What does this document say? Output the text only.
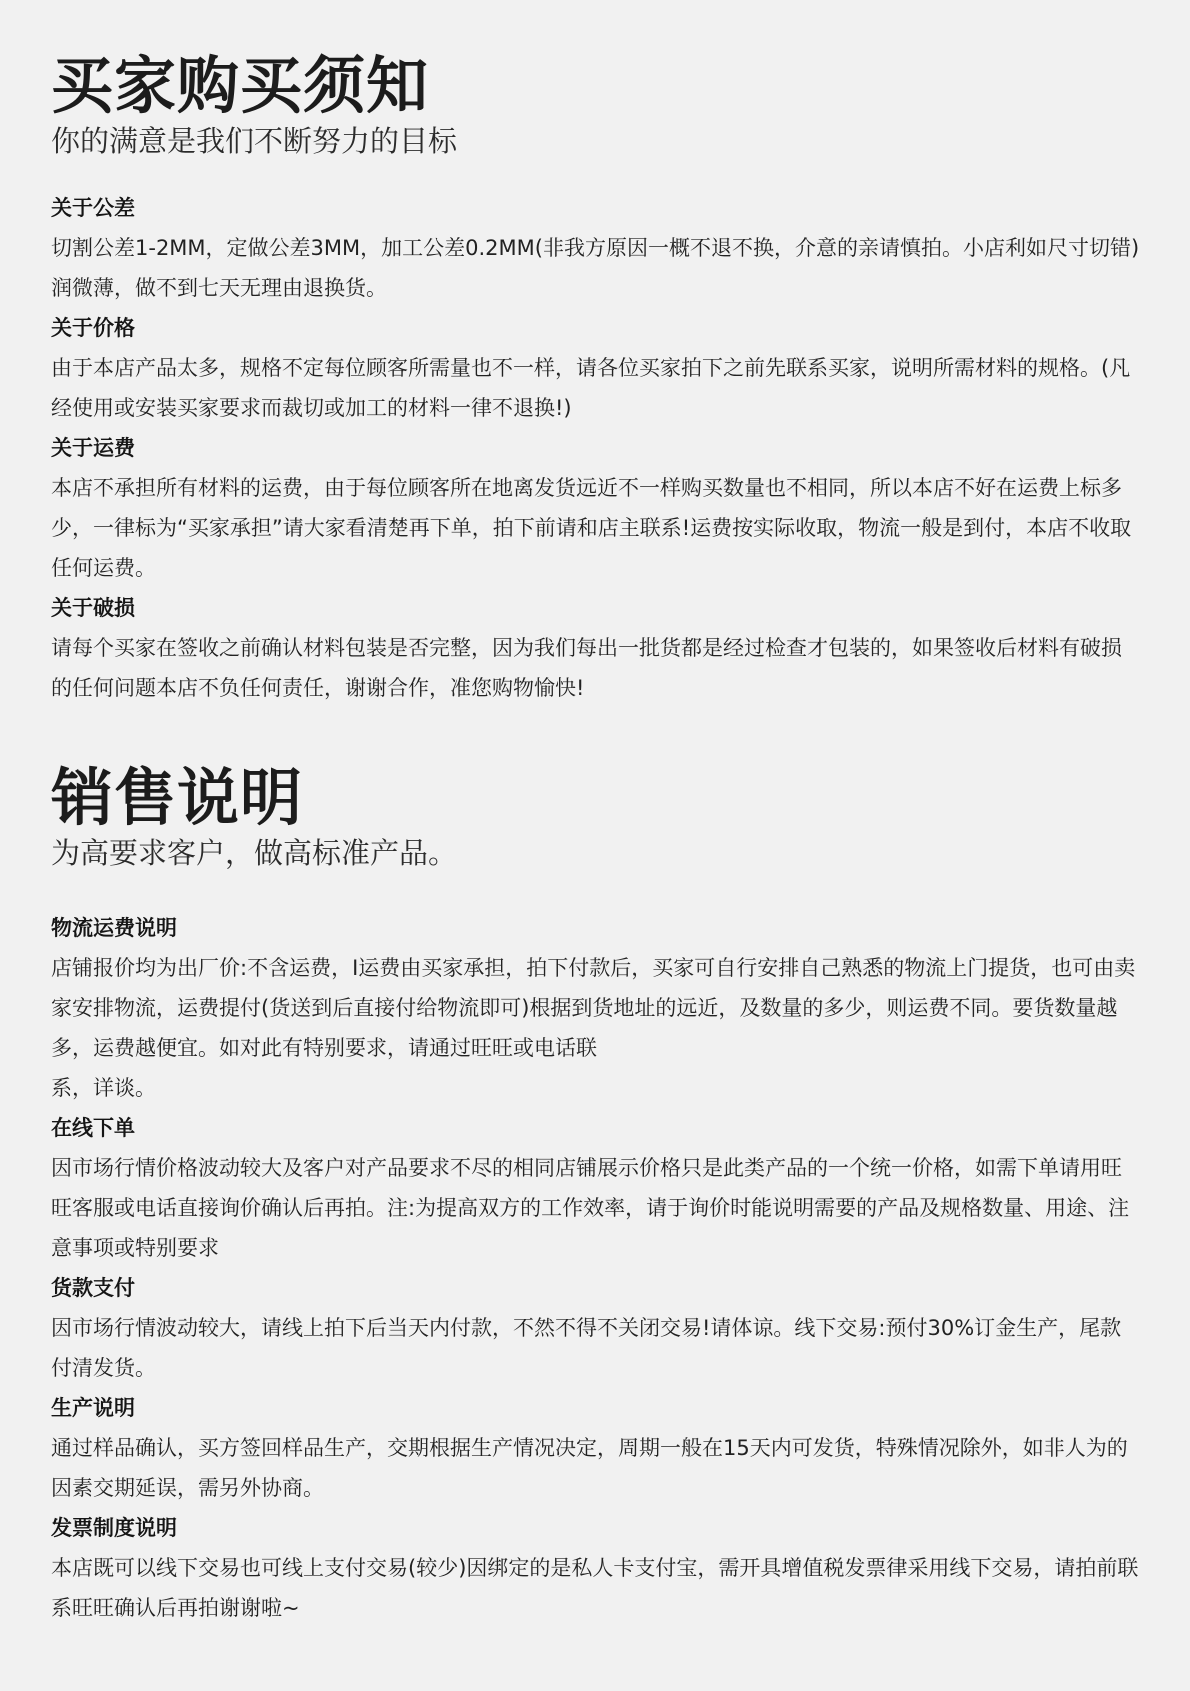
买家购买须知
你的满意是我们不断努力的目标

关于公差

切割公差1-2MM，定做公差3MM，加工公差0.2MM(非我方原因一概不退不换，介意的亲请慎拍。小店利如尺寸切错)润微薄，做不到七天无理由退换货。

关于价格

由于本店产品太多，规格不定每位顾客所需量也不一样，请各位买家拍下之前先联系买家，说明所需材料的规格。(凡经使用或安装买家要求而裁切或加工的材料一律不退换!)

关于运费

本店不承担所有材料的运费，由于每位顾客所在地离发货远近不一样购买数量也不相同，所以本店不好在运费上标多少，一律标为“买家承担”请大家看清楚再下单，拍下前请和店主联系!运费按实际收取，物流一般是到付，本店不收取任何运费。

关于破损

请每个买家在签收之前确认材料包装是否完整，因为我们每出一批货都是经过检查才包装的，如果签收后材料有破损的任何问题本店不负任何责任，谢谢合作，准您购物愉快!

销售说明
为高要求客户，做高标准产品。

物流运费说明

店铺报价均为出厂价:不含运费，I运费由买家承担，拍下付款后，买家可自行安排自己熟悉的物流上门提货，也可由卖家安排物流，运费提付(货送到后直接付给物流即可)根据到货地址的远近，及数量的多少，则运费不同。要货数量越多，运费越便宜。如对此有特别要求，请通过旺旺或电话联
系，详谈。

在线下单

因市场行情价格波动较大及客户对产品要求不尽的相同店铺展示价格只是此类产品的一个统一价格，如需下单请用旺旺客服或电话直接询价确认后再拍。注:为提高双方的工作效率，请于询价时能说明需要的产品及规格数量、用途、注意事项或特别要求

货款支付

因市场行情波动较大，请线上拍下后当天内付款，不然不得不关闭交易!请体谅。线下交易:预付30%订金生产，尾款付清发货。

生产说明

通过样品确认，买方签回样品生产，交期根据生产情况决定，周期一般在15天内可发货，特殊情况除外，如非人为的因素交期延误，需另外协商。

发票制度说明

本店既可以线下交易也可线上支付交易(较少)因绑定的是私人卡支付宝，需开具增值税发票律采用线下交易，请拍前联系旺旺确认后再拍谢谢啦~
